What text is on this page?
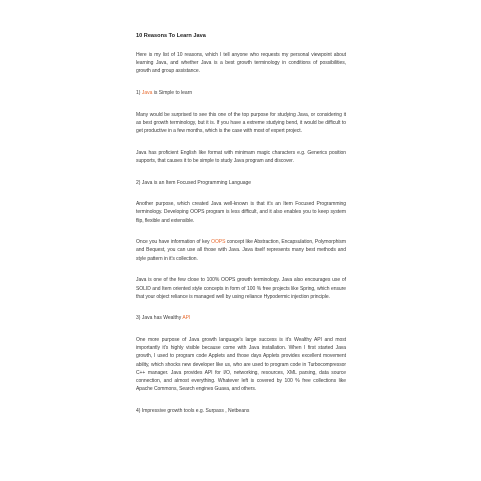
10 Reasons To Learn Java

Here is my list of 10 reasons, which I tell anyone who requests my personal viewpoint about learning Java, and whether Java is a best growth terminology in conditions of possibilities, growth and group assistance.

1) Java is Simple to learn

Many would be surprised to see this one of the top purpose for studying Java, or considering it as best growth terminology, but it is. If you have a extreme studying bend, it would be difficult to get productive in a few months, which is the case with most of expert project.

Java has proficient English like format with minimam magic characters e.g. Generics position supports, that causes it to be simple to study Java program and discover.

2) Java is an Item Focused Programming Language

Another purpose, which created Java well-known is that it's an Item Focused Programming terminology. Developing OOPS program is less difficult, and it also enables you to keep system flip, flexible and extensible.

Once you have information of key OOPS concept like Abstraction, Encapsulation, Polymorphism and Bequest, you can use all those with Java. Java itself represents many best methods and style pattern in it's collection.

Java is one of the few close to 100% OOPS growth terminology. Java also encourages use of SOLID and Item oriented style concepts in form of 100 % free projects like Spring, which ensure that your object reliance is managed well by using reliance Hypodermic injection principle.

3) Java has Wealthy API

One more purpose of Java growth language's large success is it's Wealthy API and most importantly it's highly visible because come with Java installation. When I first started Java growth, I used to program code Applets and those days Applets provides excellent movement ability, which shocks new developer like us, who are used to program code in Turbocompressor C++ manager. Java provides API for I/O, networking, resources, XML parsing, data source connection, and almost everything. Whatever left is covered by 100 % free collections like Apache Commons, Search engines Guava, and others.

4) Impressive growth tools e.g. Surpass , Netbeans
